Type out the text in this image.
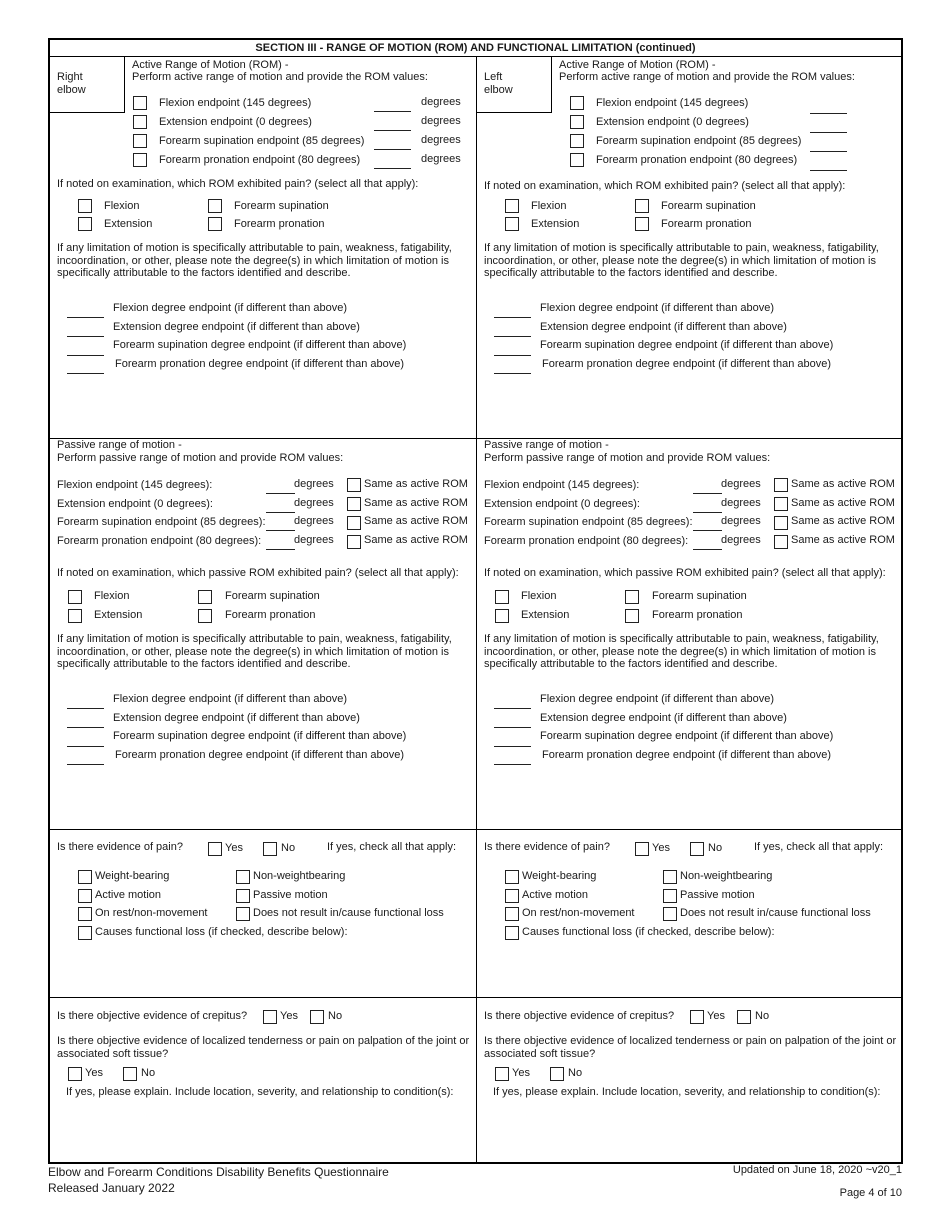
SECTION III - RANGE OF MOTION (ROM) AND FUNCTIONAL LIMITATION (continued)
Right
elbow
Active Range of Motion (ROM) -
Perform active range of motion and provide the ROM values:
Flexion endpoint (145 degrees)	degrees
Extension endpoint (0 degrees)	degrees
Forearm supination endpoint (85 degrees)	degrees
Forearm pronation endpoint (80 degrees)	degrees
If noted on examination, which ROM exhibited pain? (select all that apply):
Flexion	Forearm supination
Extension	Forearm pronation
If any limitation of motion is specifically attributable to pain, weakness, fatigability, incoordination, or other, please note the degree(s) in which limitation of motion is specifically attributable to the factors identified and describe.
Flexion degree endpoint (if different than above)
Extension degree endpoint (if different than above)
Forearm supination degree endpoint (if different than above)
Forearm pronation degree endpoint (if different than above)
Passive range of motion -
Perform passive range of motion and provide ROM values:
Flexion endpoint (145 degrees):	degrees	Same as active ROM
Extension endpoint (0 degrees):	degrees	Same as active ROM
Forearm supination endpoint (85 degrees):	degrees	Same as active ROM
Forearm pronation endpoint (80 degrees):	degrees	Same as active ROM
If noted on examination, which passive ROM exhibited pain? (select all that apply):
Flexion	Forearm supination
Extension	Forearm pronation
If any limitation of motion is specifically attributable to pain, weakness, fatigability, incoordination, or other, please note the degree(s) in which limitation of motion is specifically attributable to the factors identified and describe.
Flexion degree endpoint (if different than above)
Extension degree endpoint (if different than above)
Forearm supination degree endpoint (if different than above)
Forearm pronation degree endpoint (if different than above)
Is there evidence of pain?	Yes	No	If yes, check all that apply:
Weight-bearing	Non-weightbearing
Active motion	Passive motion
On rest/non-movement	Does not result in/cause functional loss
Causes functional loss (if checked, describe below):
Is there objective evidence of crepitus?	Yes	No
Is there objective evidence of localized tenderness or pain on palpation of the joint or associated soft tissue?
Yes	No
If yes, please explain. Include location, severity, and relationship to condition(s):
Left
elbow
Active Range of Motion (ROM) -
Perform active range of motion and provide the ROM values:
Flexion endpoint (145 degrees)
Extension endpoint (0 degrees)
Forearm supination endpoint (85 degrees)
Forearm pronation endpoint (80 degrees)
If noted on examination, which ROM exhibited pain? (select all that apply):
Flexion	Forearm supination
Extension	Forearm pronation
If any limitation of motion is specifically attributable to pain, weakness, fatigability, incoordination, or other, please note the degree(s) in which limitation of motion is specifically attributable to the factors identified and describe.
Flexion degree endpoint (if different than above)
Extension degree endpoint (if different than above)
Forearm supination degree endpoint (if different than above)
Forearm pronation degree endpoint (if different than above)
Passive range of motion -
Perform passive range of motion and provide ROM values:
Flexion endpoint (145 degrees):	degrees	Same as active ROM
Extension endpoint (0 degrees):	degrees	Same as active ROM
Forearm supination endpoint (85 degrees):	degrees	Same as active ROM
Forearm pronation endpoint (80 degrees):	degrees	Same as active ROM
If noted on examination, which passive ROM exhibited pain? (select all that apply):
Flexion	Forearm supination
Extension	Forearm pronation
If any limitation of motion is specifically attributable to pain, weakness, fatigability, incoordination, or other, please note the degree(s) in which limitation of motion is specifically attributable to the factors identified and describe.
Flexion degree endpoint (if different than above)
Extension degree endpoint (if different than above)
Forearm supination degree endpoint (if different than above)
Forearm pronation degree endpoint (if different than above)
Is there evidence of pain?	Yes	No	If yes, check all that apply:
Weight-bearing	Non-weightbearing
Active motion	Passive motion
On rest/non-movement	Does not result in/cause functional loss
Causes functional loss (if checked, describe below):
Is there objective evidence of crepitus?	Yes	No
Is there objective evidence of localized tenderness or pain on palpation of the joint or associated soft tissue?
Yes	No
If yes, please explain. Include location, severity, and relationship to condition(s):
Elbow and Forearm Conditions Disability Benefits Questionnaire
Released January 2022
Updated on June 18, 2020 ~v20_1
Page 4 of 10
